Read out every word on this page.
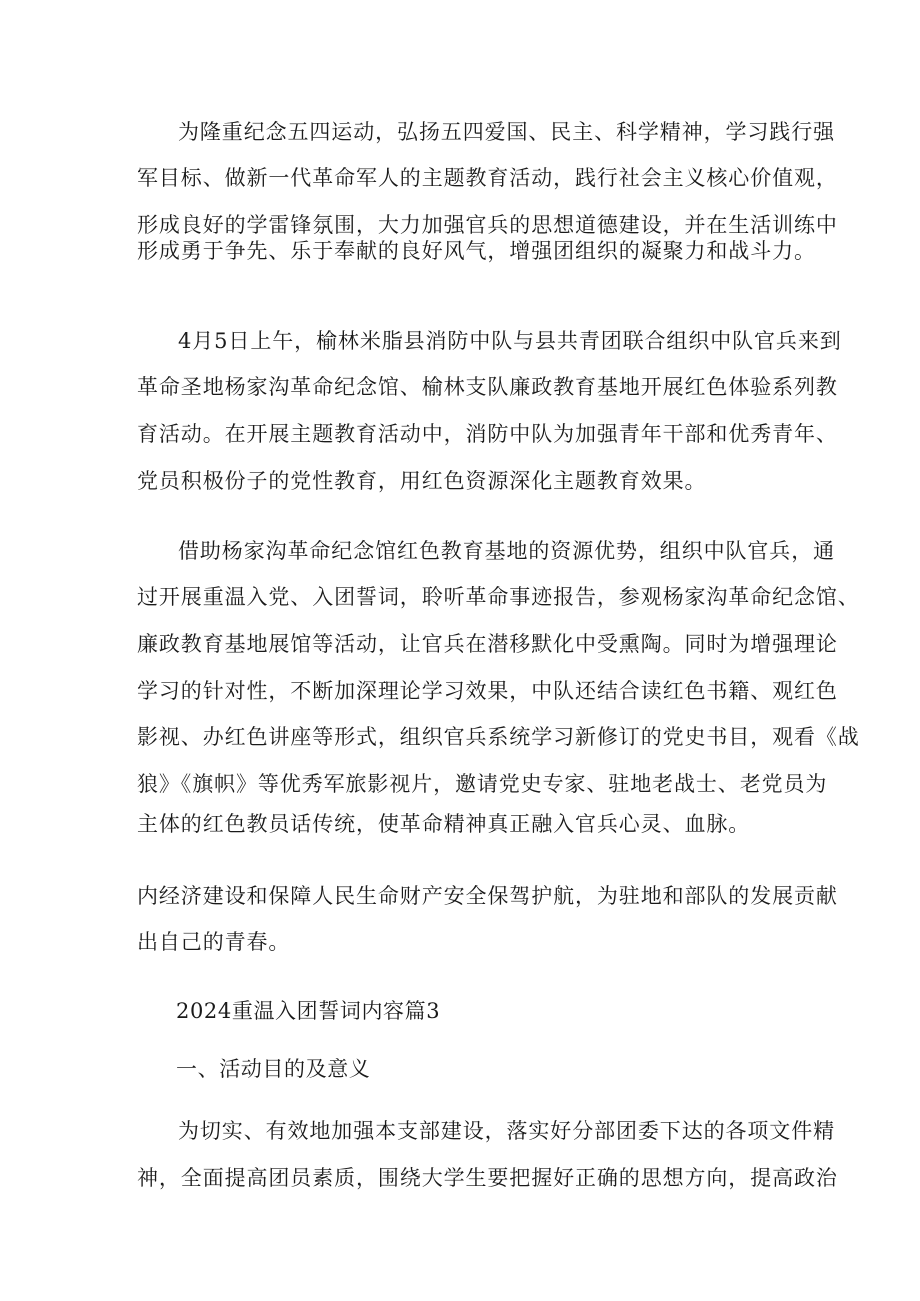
为隆重纪念五四运动，弘扬五四爱国、民主、科学精神，学习践行强
军目标、做新一代革命军人的主题教育活动，践行社会主义核心价值观，
形成良好的学雷锋氛围，大力加强官兵的思想道德建设，并在生活训练中
形成勇于争先、乐于奉献的良好风气，增强团组织的凝聚力和战斗力。
4月5日上午，榆林米脂县消防中队与县共青团联合组织中队官兵来到
革命圣地杨家沟革命纪念馆、榆林支队廉政教育基地开展红色体验系列教
育活动。在开展主题教育活动中，消防中队为加强青年干部和优秀青年、
党员积极份子的党性教育，用红色资源深化主题教育效果。
借助杨家沟革命纪念馆红色教育基地的资源优势，组织中队官兵，通
过开展重温入党、入团誓词，聆听革命事迹报告，参观杨家沟革命纪念馆、
廉政教育基地展馆等活动，让官兵在潜移默化中受熏陶。同时为增强理论
学习的针对性，不断加深理论学习效果，中队还结合读红色书籍、观红色
影视、办红色讲座等形式，组织官兵系统学习新修订的党史书目，观看《战
狼》《旗帜》等优秀军旅影视片，邀请党史专家、驻地老战士、老党员为
主体的红色教员话传统，使革命精神真正融入官兵心灵、血脉。
内经济建设和保障人民生命财产安全保驾护航，为驻地和部队的发展贡献
出自己的青春。
2024重温入团誓词内容篇3
一、活动目的及意义
为切实、有效地加强本支部建设，落实好分部团委下达的各项文件精
神，全面提高团员素质，围绕大学生要把握好正确的思想方向，提高政治
